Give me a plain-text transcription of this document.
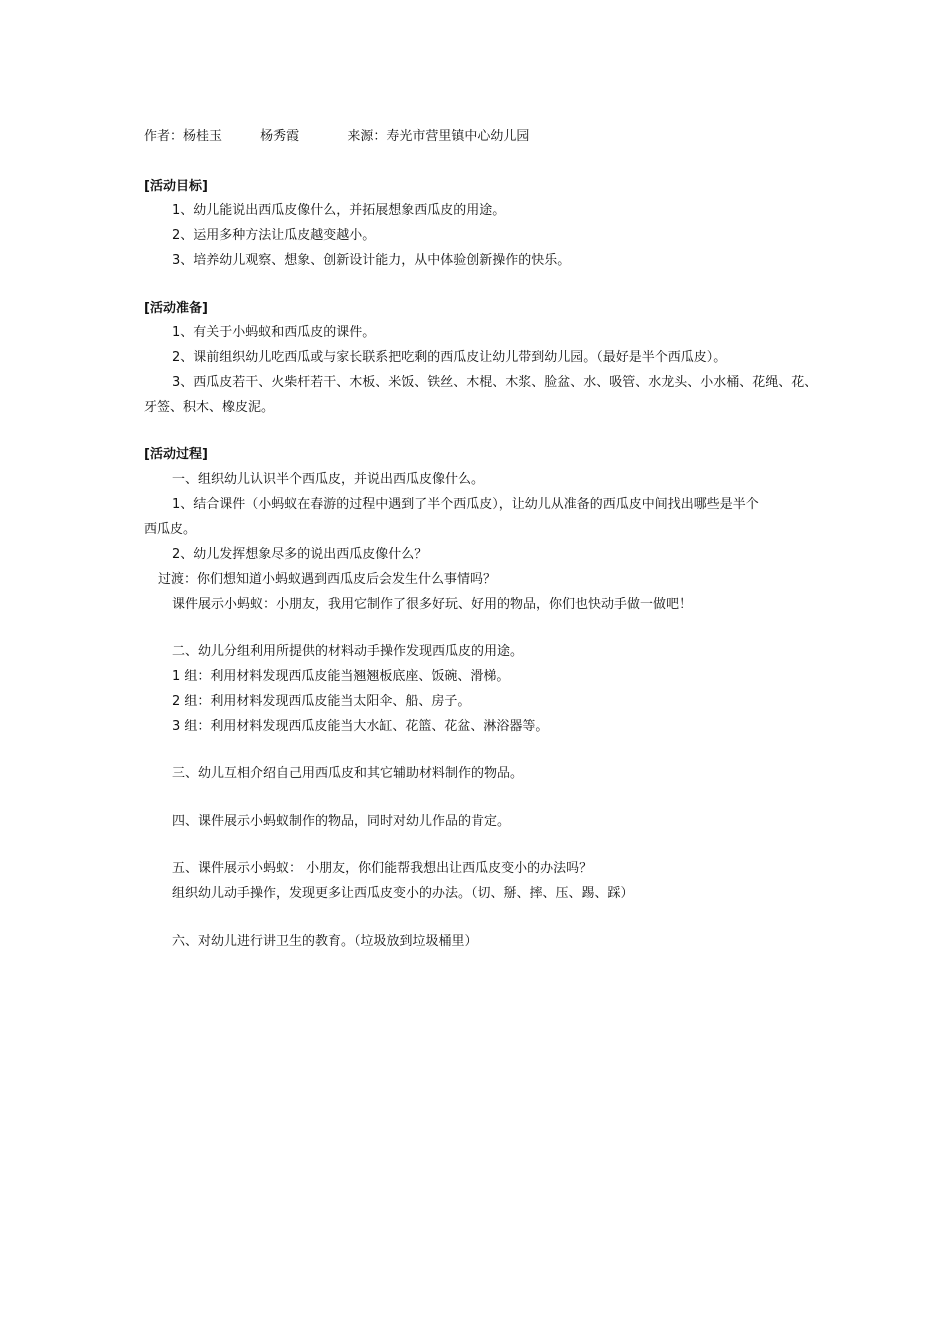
作者：杨桂玉	杨秀霞	来源：寿光市营里镇中心幼儿园
[活动目标]
1、幼儿能说出西瓜皮像什么，并拓展想象西瓜皮的用途。
2、运用多种方法让瓜皮越变越小。
3、培养幼儿观察、想象、创新设计能力，从中体验创新操作的快乐。
[活动准备]
1、有关于小蚂蚁和西瓜皮的课件。
2、课前组织幼儿吃西瓜或与家长联系把吃剩的西瓜皮让幼儿带到幼儿园。（最好是半个西瓜皮）。
3、西瓜皮若干、火柴杆若干、木板、米饭、铁丝、木棍、木浆、脸盆、水、吸管、水龙头、小水桶、花绳、花、
牙签、积木、橡皮泥。
[活动过程]
一、组织幼儿认识半个西瓜皮，并说出西瓜皮像什么。
1、结合课件（小蚂蚁在春游的过程中遇到了半个西瓜皮），让幼儿从准备的西瓜皮中间找出哪些是半个
西瓜皮。
2、幼儿发挥想象尽多的说出西瓜皮像什么？
过渡：你们想知道小蚂蚁遇到西瓜皮后会发生什么事情吗？
课件展示小蚂蚁：小朋友，我用它制作了很多好玩、好用的物品，你们也快动手做一做吧！
二、幼儿分组利用所提供的材料动手操作发现西瓜皮的用途。
1 组：利用材料发现西瓜皮能当翘翘板底座、饭碗、滑梯。
2 组：利用材料发现西瓜皮能当太阳伞、船、房子。
3 组：利用材料发现西瓜皮能当大水缸、花篮、花盆、淋浴器等。
三、幼儿互相介绍自己用西瓜皮和其它辅助材料制作的物品。
四、课件展示小蚂蚁制作的物品，同时对幼儿作品的肯定。
五、课件展示小蚂蚁： 小朋友，你们能帮我想出让西瓜皮变小的办法吗？
组织幼儿动手操作，发现更多让西瓜皮变小的办法。（切、掰、摔、压、踢、踩）
六、对幼儿进行讲卫生的教育。（垃圾放到垃圾桶里）
